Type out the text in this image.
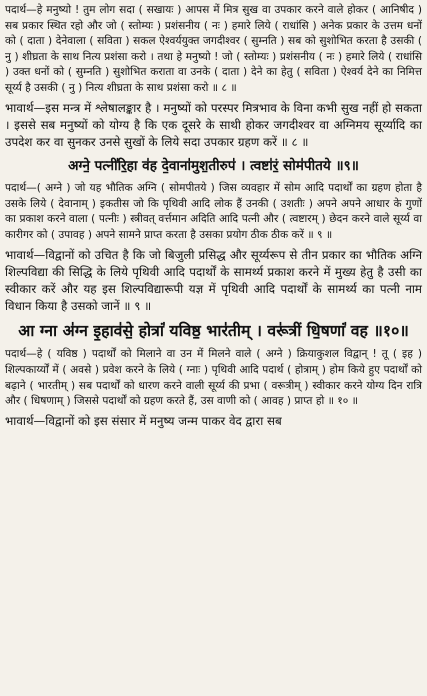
पदार्थ—हे मनुष्यो ! तुम लोग सदा ( सखायः ) आपस में मित्र सुख वा उपकार करने वाले होकर ( आनिषीद ) सब प्रकार स्थित रहो और जो ( स्तोम्यः ) प्रशंसनीय ( नः ) हमारे लिये ( राधांसि ) अनेक प्रकार के उत्तम धनों को ( दाता ) देनेवाला ( सविता ) सकल ऐश्वर्ययुक्त जगदीश्वर ( सुम्नति ) सब को सुशोभित करता है उसकी ( नु ) शीघ्रता के साथ नित्य प्रशंसा करो । तथा हे मनुष्यो ! जो ( स्तोम्यः ) प्रशंसनीय ( नः ) हमारे लिये ( राधांसि ) उक्त धनों को ( सुम्नति ) सुशोभित कराता वा उनके ( दाता ) देने का हेतु ( सविता ) ऐश्वर्य देने का निमित्त सूर्य्य है उसकी ( नु ) नित्य शीघ्रता के साथ प्रशंसा करो ॥ ८ ॥

भावार्थ—इस मन्त्र में श्लेषालङ्कार है । मनुष्यों को परस्पर मित्रभाव के विना कभी सुख नहीं हो सकता । इससे सब मनुष्यों को योग्य है कि एक दूसरे के साथी होकर जगदीश्वर वा अग्निमय सूर्य्यादि का उपदेश कर वा सुनकर उनसे सुखों के लिये सदा उपकार ग्रहण करें ॥ ८ ॥

अग्ने॒ पत्नी॑रि॒हा व॑ह दे॒वाना॑मुश॒तीरुप॑ । त्वष्टा॑रं॒ सोम॑पीतये ॥९॥

पदार्थ—( अग्ने ) जो यह भौतिक अग्नि ( सोमपीतये ) जिस व्यवहार में सोम आदि पदार्थों का ग्रहण होता है उसके लिये ( देवानाम् ) इकतीस जो कि पृथिवी आदि लोक हैं उनकी ( उशतीः ) अपने अपने आधार के गुणों का प्रकाश करने वाला ( पत्नीः ) स्त्रीवत् वर्त्तमान अदिति आदि पत्नी और ( त्वष्टारम् ) छेदन करने वाले सूर्य्य वा कारीगर को ( उपावह ) अपने सामने प्राप्त करता है उसका प्रयोग ठीक ठीक करें ॥ ९ ॥

भावार्थ—विद्वानों को उचित है कि जो बिजुली प्रसिद्ध और सूर्य्यरूप से तीन प्रकार का भौतिक अग्नि शिल्पविद्या की सिद्धि के लिये पृथिवी आदि पदार्थों के सामर्थ्य प्रकाश करने में मुख्य हेतु है उसी का स्वीकार करें और यह इस शिल्पविद्यारूपी यज्ञ में पृथिवी आदि पदार्थों के सामर्थ्य का पत्नी नाम विधान किया है उसको जानें ॥ ९ ॥

आ ग्ना अ॑ग्न इ॒हाव॑से॒ होत्रां॑ यविष्ठ॒ भार॑तीम् । वरू॑त्रीं धि॒षणां॑ वह ॥१०॥

पदार्थ—हे ( यविष्ठ ) पदार्थों को मिलाने वा उन में मिलने वाले ( अग्ने ) क्रियाकुशल विद्वान् ! तू ( इह ) शिल्पकार्य्यों में ( अवसे ) प्रवेश करने के लिये ( ग्नाः ) पृथिवी आदि पदार्थ ( होत्राम् ) होम किये हुए पदार्थों को बढ़ाने ( भारतीम् ) सब पदार्थों को धारण करने वाली सूर्य्य की प्रभा ( वरूत्रीम् ) स्वीकार करने योग्य दिन रात्रि और ( धिषणाम् ) जिससे पदार्थों को ग्रहण करते हैं, उस वाणी को ( आवह ) प्राप्त हो ॥ १० ॥

भावार्थ—विद्वानों को इस संसार में मनुष्य जन्म पाकर वेद द्वारा सब
